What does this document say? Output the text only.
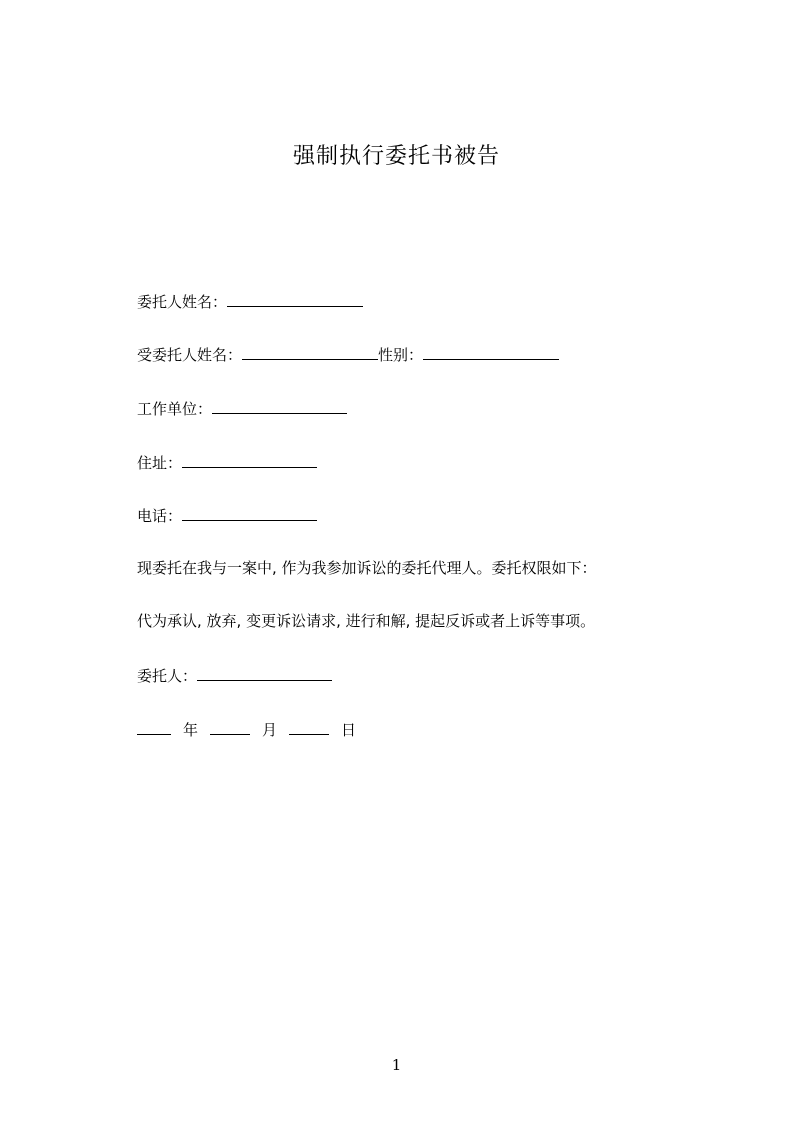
强制执行委托书被告
委托人姓名：
受委托人姓名：	性别：
工作单位：
住址：
电话：
现委托在我与一案中, 作为我参加诉讼的委托代理人。委托权限如下：
代为承认, 放弃, 变更诉讼请求, 进行和解, 提起反诉或者上诉等事项。
委托人：
年	月	日
1
